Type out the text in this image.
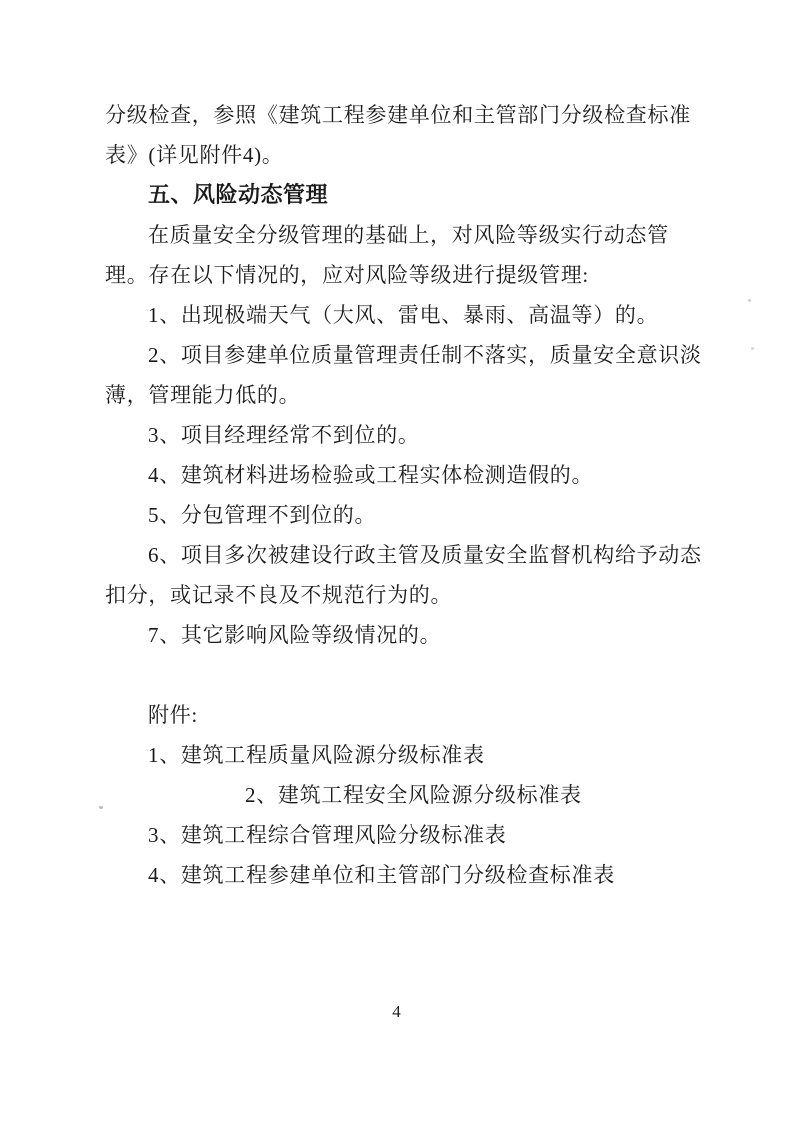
分级检查，参照《建筑工程参建单位和主管部门分级检查标准
表》(详见附件4)。
五、风险动态管理
在质量安全分级管理的基础上，对风险等级实行动态管
理。存在以下情况的，应对风险等级进行提级管理:
1、出现极端天气（大风、雷电、暴雨、高温等）的。
2、项目参建单位质量管理责任制不落实，质量安全意识淡
薄，管理能力低的。
3、项目经理经常不到位的。
4、建筑材料进场检验或工程实体检测造假的。
5、分包管理不到位的。
6、项目多次被建设行政主管及质量安全监督机构给予动态
扣分，或记录不良及不规范行为的。
7、其它影响风险等级情况的。
附件:
1、建筑工程质量风险源分级标准表
2、建筑工程安全风险源分级标准表
3、建筑工程综合管理风险分级标准表
4、建筑工程参建单位和主管部门分级检查标准表
4
